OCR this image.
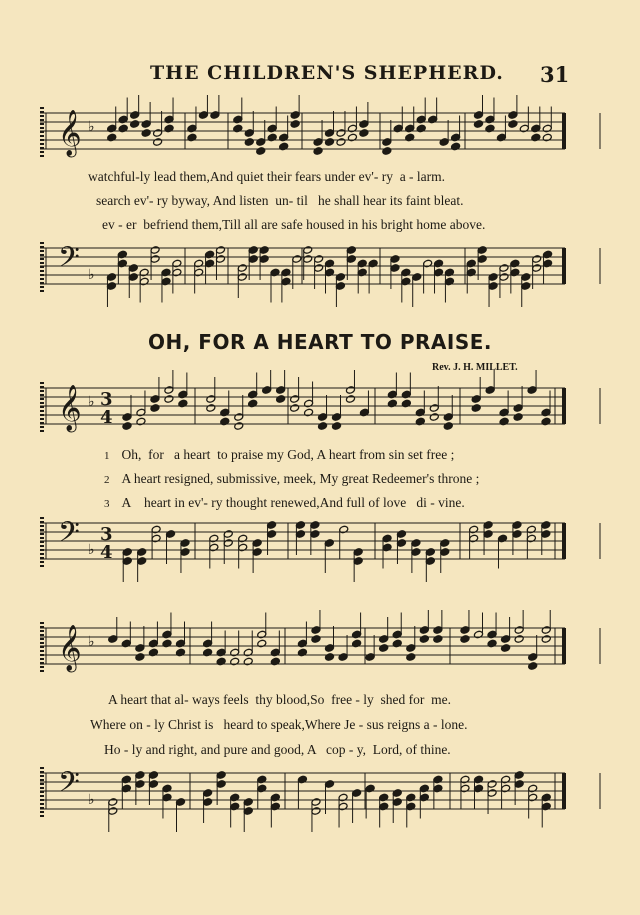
THE CHILDREN'S SHEPHERD. 31
𝄞 ♭
watchful-ly lead them,And quiet their fears under ev'- ry  a - larm.
search ev'- ry byway, And listen  un- til   he shall hear its faint bleat.
ev - er  befriend them,Till all are safe housed in his bright home above.
𝄢 ♭
OH, FOR A HEART TO PRAISE.
Rev. J. H. MILLET.
𝄞 ♭ 3
4
1 Oh,  for   a heart  to praise my God, A heart from sin set free ;
2 A heart resigned, submissive, meek, My great Redeemer's throne ;
3 A    heart in ev'- ry thought renewed,And full of love   di - vine.
𝄢 ♭
3
4
𝄞 ♭
A heart that al- ways feels  thy blood,So  free - ly  shed for  me.
Where on - ly Christ is   heard to speak,Where Je - sus reigns a - lone.
Ho - ly and right, and pure and good, A   cop - y,  Lord, of thine.
𝄢 ♭
